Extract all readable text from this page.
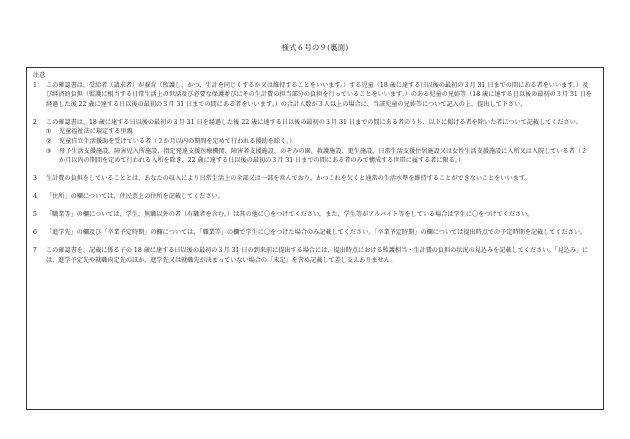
様式６号の９(裏面)
注意
1 この確認書は、受給者（請求者）が養育（監護し、かつ、生計を同じくするか又は維持することをいいます。）する児童（18 歳に達する日以後の最初の３月 31 日までの間にある者をいいます。）及び経済的負担（監護に相当する日常生活上の世話及び必要な保護並びにその生計費の担当部分の負担を行っていることをいいます。）のある児童の兄姉等（18 歳に達する日以後の最初の３月 31 日を経過した後 22 歳に達する日以後の最初の３月 31 日までの間にある者をいいます。）の合計人数が３人以上の場合に、当該児童の兄姉等について記入の上、提出して下さい。

2 この確認書は、18 歳に達する日以後の最初の３月 31 日を経過した後 22 歳に達する日以後の最初の３月 31 日までの間にある者のうち、以下に掲げる者を除いた者について記載してください。

① 児童福祉法に規定する里親

② 児童自立生活援助を受けている者（２か月以内の期間を定めて行われる援助を除く。）

③ 母子生活支援施設、障害児入所施設、指定発達支援医療機関、障害者支援施設、のぞみの園、救護施設、更生施設、日常生活支援住居施設又は女性生活支援施設に入所又は入院している者（２か月以内の期間を定めて行われる入所を除き、22 歳に達する日以後の最初の３月 31 日までの間にある者のみで構成する世帯に属する者に限る。）

3 生計費の負担をしていることとは、あなたの収入により日常生活上の全部又は一部を営んでおり、かつこれを欠くと通常の生活水準を維持することができないことをいいます。

4 「住所」の欄については、住民票上の住所を記載してください。

5 「職業等」の欄については、学生、無職以外の者（有職者を含む。）は其の他に〇をつけてください。また、学生等がアルバイト等をしている場合は学生に〇をつけてください。

6 「進学先」の欄及び「卒業予定時期」の欄については、「職業等」の欄で学生に〇をつけた場合のみ記載してください。「卒業予定時期」の欄については提出時点での予定時期を記載してください。

7 この確認書を、記載に係る子の 18 歳に達する日以後の最初の３月 31 日の到来前に提出する場合には、提出時点における監護相当・生計費の負担の状況の見込みを記載してください。「見込み」には、進学予定先や就職内定先のほか、進学先又は就職先が決まっていない場合の「未定」を含め記載して差し支えありません。
